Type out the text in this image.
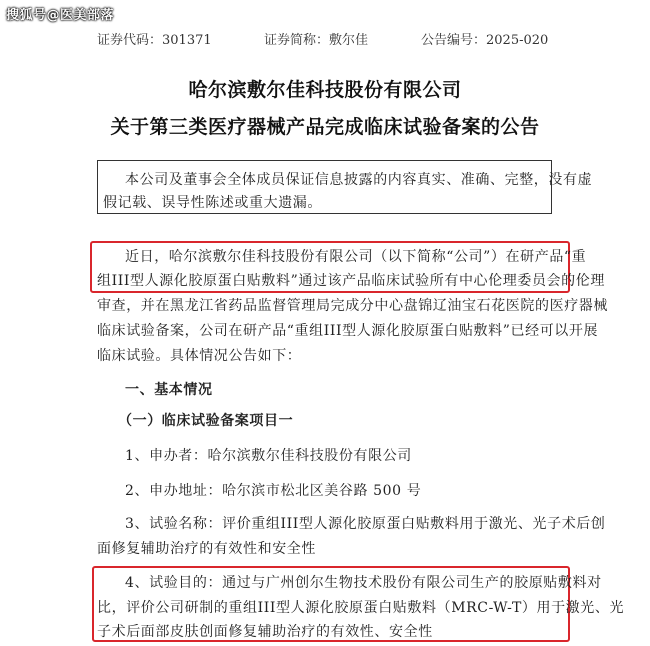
搜狐号@医美部落
证券代码：301371	证券简称：敷尔佳	公告编号：2025-020
哈尔滨敷尔佳科技股份有限公司
关于第三类医疗器械产品完成临床试验备案的公告
本公司及董事会全体成员保证信息披露的内容真实、准确、完整，没有虚
假记载、误导性陈述或重大遗漏。
近日，哈尔滨敷尔佳科技股份有限公司（以下简称“公司”）在研产品“重
组III型人源化胶原蛋白贴敷料”通过该产品临床试验所有中心伦理委员会的伦理
审查，并在黑龙江省药品监督管理局完成分中心盘锦辽油宝石花医院的医疗器械
临床试验备案，公司在研产品“重组III型人源化胶原蛋白贴敷料”已经可以开展
临床试验。具体情况公告如下：
一、基本情况
（一）临床试验备案项目一
1、申办者：哈尔滨敷尔佳科技股份有限公司
2、申办地址：哈尔滨市松北区美谷路 500 号
3、试验名称：评价重组III型人源化胶原蛋白贴敷料用于激光、光子术后创
面修复辅助治疗的有效性和安全性
4、试验目的：通过与广州创尔生物技术股份有限公司生产的胶原贴敷料对
比，评价公司研制的重组III型人源化胶原蛋白贴敷料（MRC-W-T）用于激光、光
子术后面部皮肤创面修复辅助治疗的有效性、安全性
